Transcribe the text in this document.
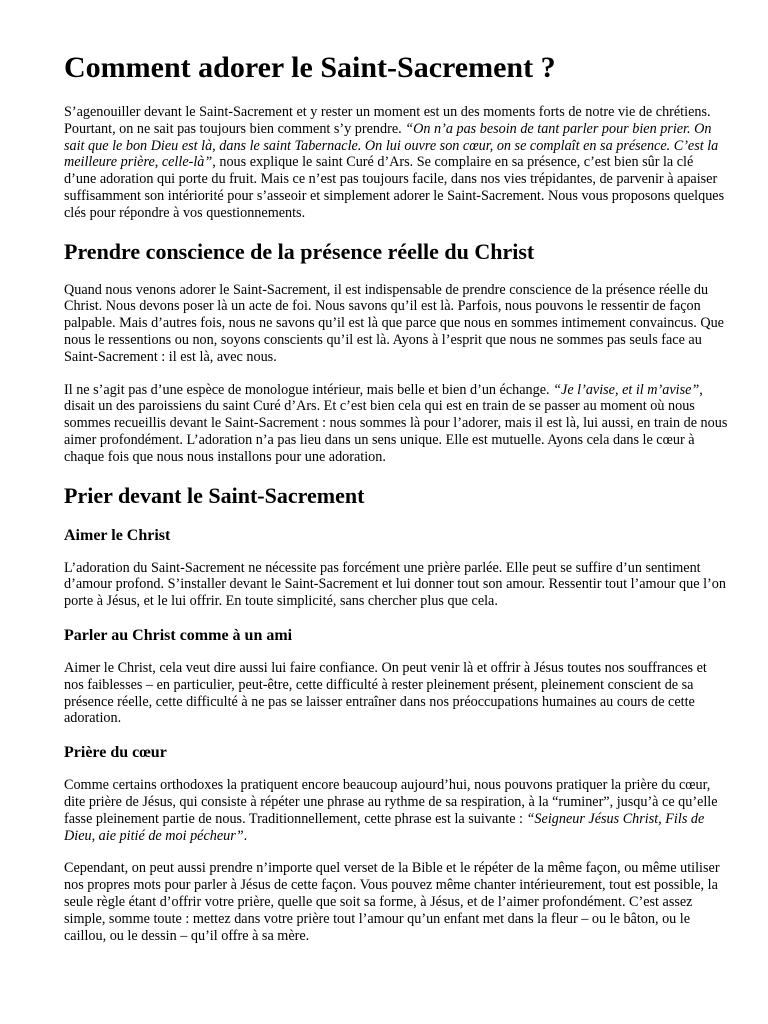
Comment adorer le Saint-Sacrement ?

S’agenouiller devant le Saint-Sacrement et y rester un moment est un des moments forts de notre vie de chrétiens. Pourtant, on ne sait pas toujours bien comment s’y prendre. “On n’a pas besoin de tant parler pour bien prier. On sait que le bon Dieu est là, dans le saint Tabernacle. On lui ouvre son cœur, on se complaît en sa présence. C’est la meilleure prière, celle-là”, nous explique le saint Curé d’Ars. Se complaire en sa présence, c’est bien sûr la clé d’une adoration qui porte du fruit. Mais ce n’est pas toujours facile, dans nos vies trépidantes, de parvenir à apaiser suffisamment son intériorité pour s’asseoir et simplement adorer le Saint-Sacrement. Nous vous proposons quelques clés pour répondre à vos questionnements.

Prendre conscience de la présence réelle du Christ

Quand nous venons adorer le Saint-Sacrement, il est indispensable de prendre conscience de la présence réelle du Christ. Nous devons poser là un acte de foi. Nous savons qu’il est là. Parfois, nous pouvons le ressentir de façon palpable. Mais d’autres fois, nous ne savons qu’il est là que parce que nous en sommes intimement convaincus. Que nous le ressentions ou non, soyons conscients qu’il est là. Ayons à l’esprit que nous ne sommes pas seuls face au Saint-Sacrement : il est là, avec nous.

Il ne s’agit pas d’une espèce de monologue intérieur, mais belle et bien d’un échange. “Je l’avise, et il m’avise”, disait un des paroissiens du saint Curé d’Ars. Et c’est bien cela qui est en train de se passer au moment où nous sommes recueillis devant le Saint-Sacrement : nous sommes là pour l’adorer, mais il est là, lui aussi, en train de nous aimer profondément. L’adoration n’a pas lieu dans un sens unique. Elle est mutuelle. Ayons cela dans le cœur à chaque fois que nous nous installons pour une adoration.

Prier devant le Saint-Sacrement
Aimer le Christ

L’adoration du Saint-Sacrement ne nécessite pas forcément une prière parlée. Elle peut se suffire d’un sentiment d’amour profond. S’installer devant le Saint-Sacrement et lui donner tout son amour. Ressentir tout l’amour que l’on porte à Jésus, et le lui offrir. En toute simplicité, sans chercher plus que cela.

Parler au Christ comme à un ami

Aimer le Christ, cela veut dire aussi lui faire confiance. On peut venir là et offrir à Jésus toutes nos souffrances et nos faiblesses – en particulier, peut-être, cette difficulté à rester pleinement présent, pleinement conscient de sa présence réelle, cette difficulté à ne pas se laisser entraîner dans nos préoccupations humaines au cours de cette adoration.

Prière du cœur

Comme certains orthodoxes la pratiquent encore beaucoup aujourd’hui, nous pouvons pratiquer la prière du cœur, dite prière de Jésus, qui consiste à répéter une phrase au rythme de sa respiration, à la “ruminer”, jusqu’à ce qu’elle fasse pleinement partie de nous. Traditionnellement, cette phrase est la suivante : “Seigneur Jésus Christ, Fils de Dieu, aie pitié de moi pécheur”.

Cependant, on peut aussi prendre n’importe quel verset de la Bible et le répéter de la même façon, ou même utiliser nos propres mots pour parler à Jésus de cette façon. Vous pouvez même chanter intérieurement, tout est possible, la seule règle étant d’offrir votre prière, quelle que soit sa forme, à Jésus, et de l’aimer profondément. C’est assez simple, somme toute : mettez dans votre prière tout l’amour qu’un enfant met dans la fleur – ou le bâton, ou le caillou, ou le dessin – qu’il offre à sa mère.
